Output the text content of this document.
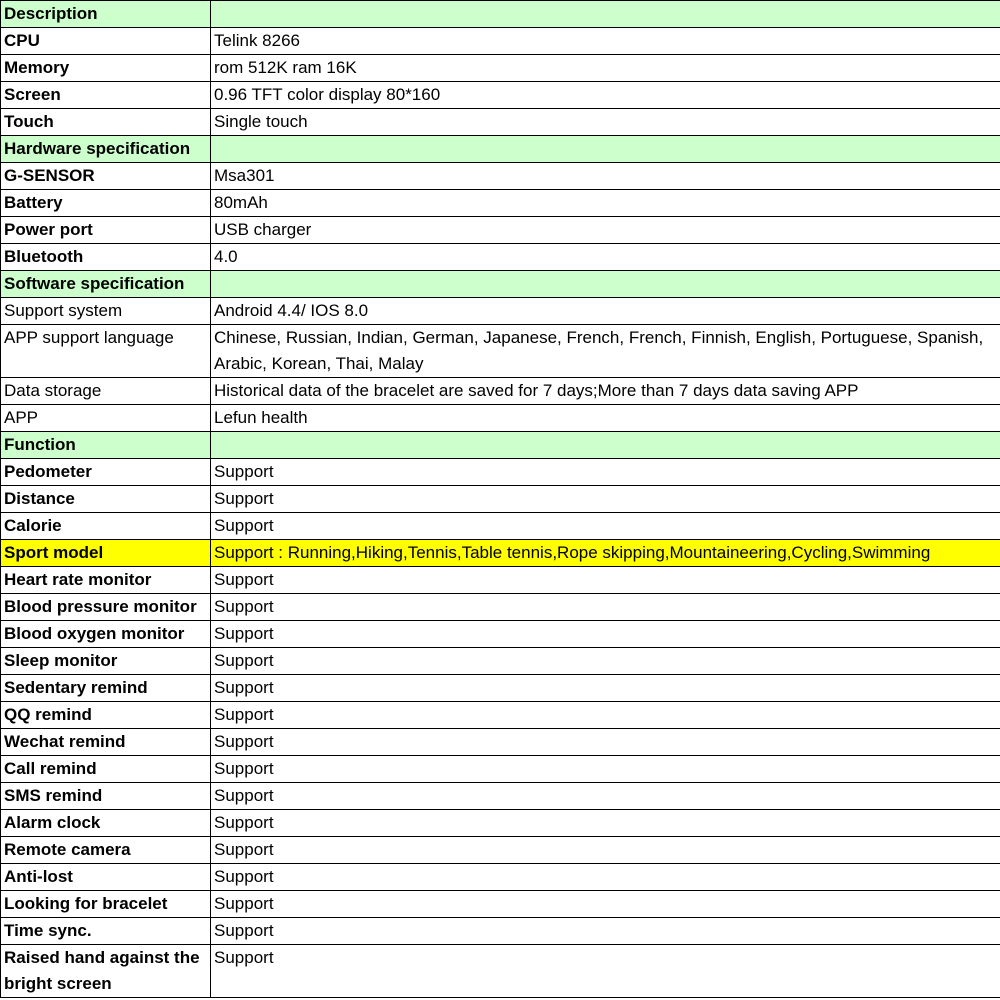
Description	
CPU	Telink 8266
Memory	rom 512K ram 16K
Screen	0.96 TFT color display 80*160
Touch	Single touch
Hardware specification	
G-SENSOR	Msa301
Battery	80mAh
Power port	USB charger
Bluetooth	4.0
Software specification	
Support system	Android 4.4/ IOS 8.0
APP support language	Chinese, Russian, Indian, German, Japanese, French, French, Finnish, English, Portuguese, Spanish, Arabic, Korean, Thai, Malay
Data storage	Historical data of the bracelet are saved for 7 days;More than 7 days data saving APP
APP	Lefun health
Function	
Pedometer	Support
Distance	Support
Calorie	Support
Sport model	Support : Running,Hiking,Tennis,Table tennis,Rope skipping,Mountaineering,Cycling,Swimming
Heart rate monitor	Support
Blood pressure monitor	Support
Blood oxygen monitor	Support
Sleep monitor	Support
Sedentary remind	Support
QQ remind	Support
Wechat remind	Support
Call remind	Support
SMS remind	Support
Alarm clock	Support
Remote camera	Support
Anti-lost	Support
Looking for bracelet	Support
Time sync.	Support
Raised hand against the bright screen	Support
